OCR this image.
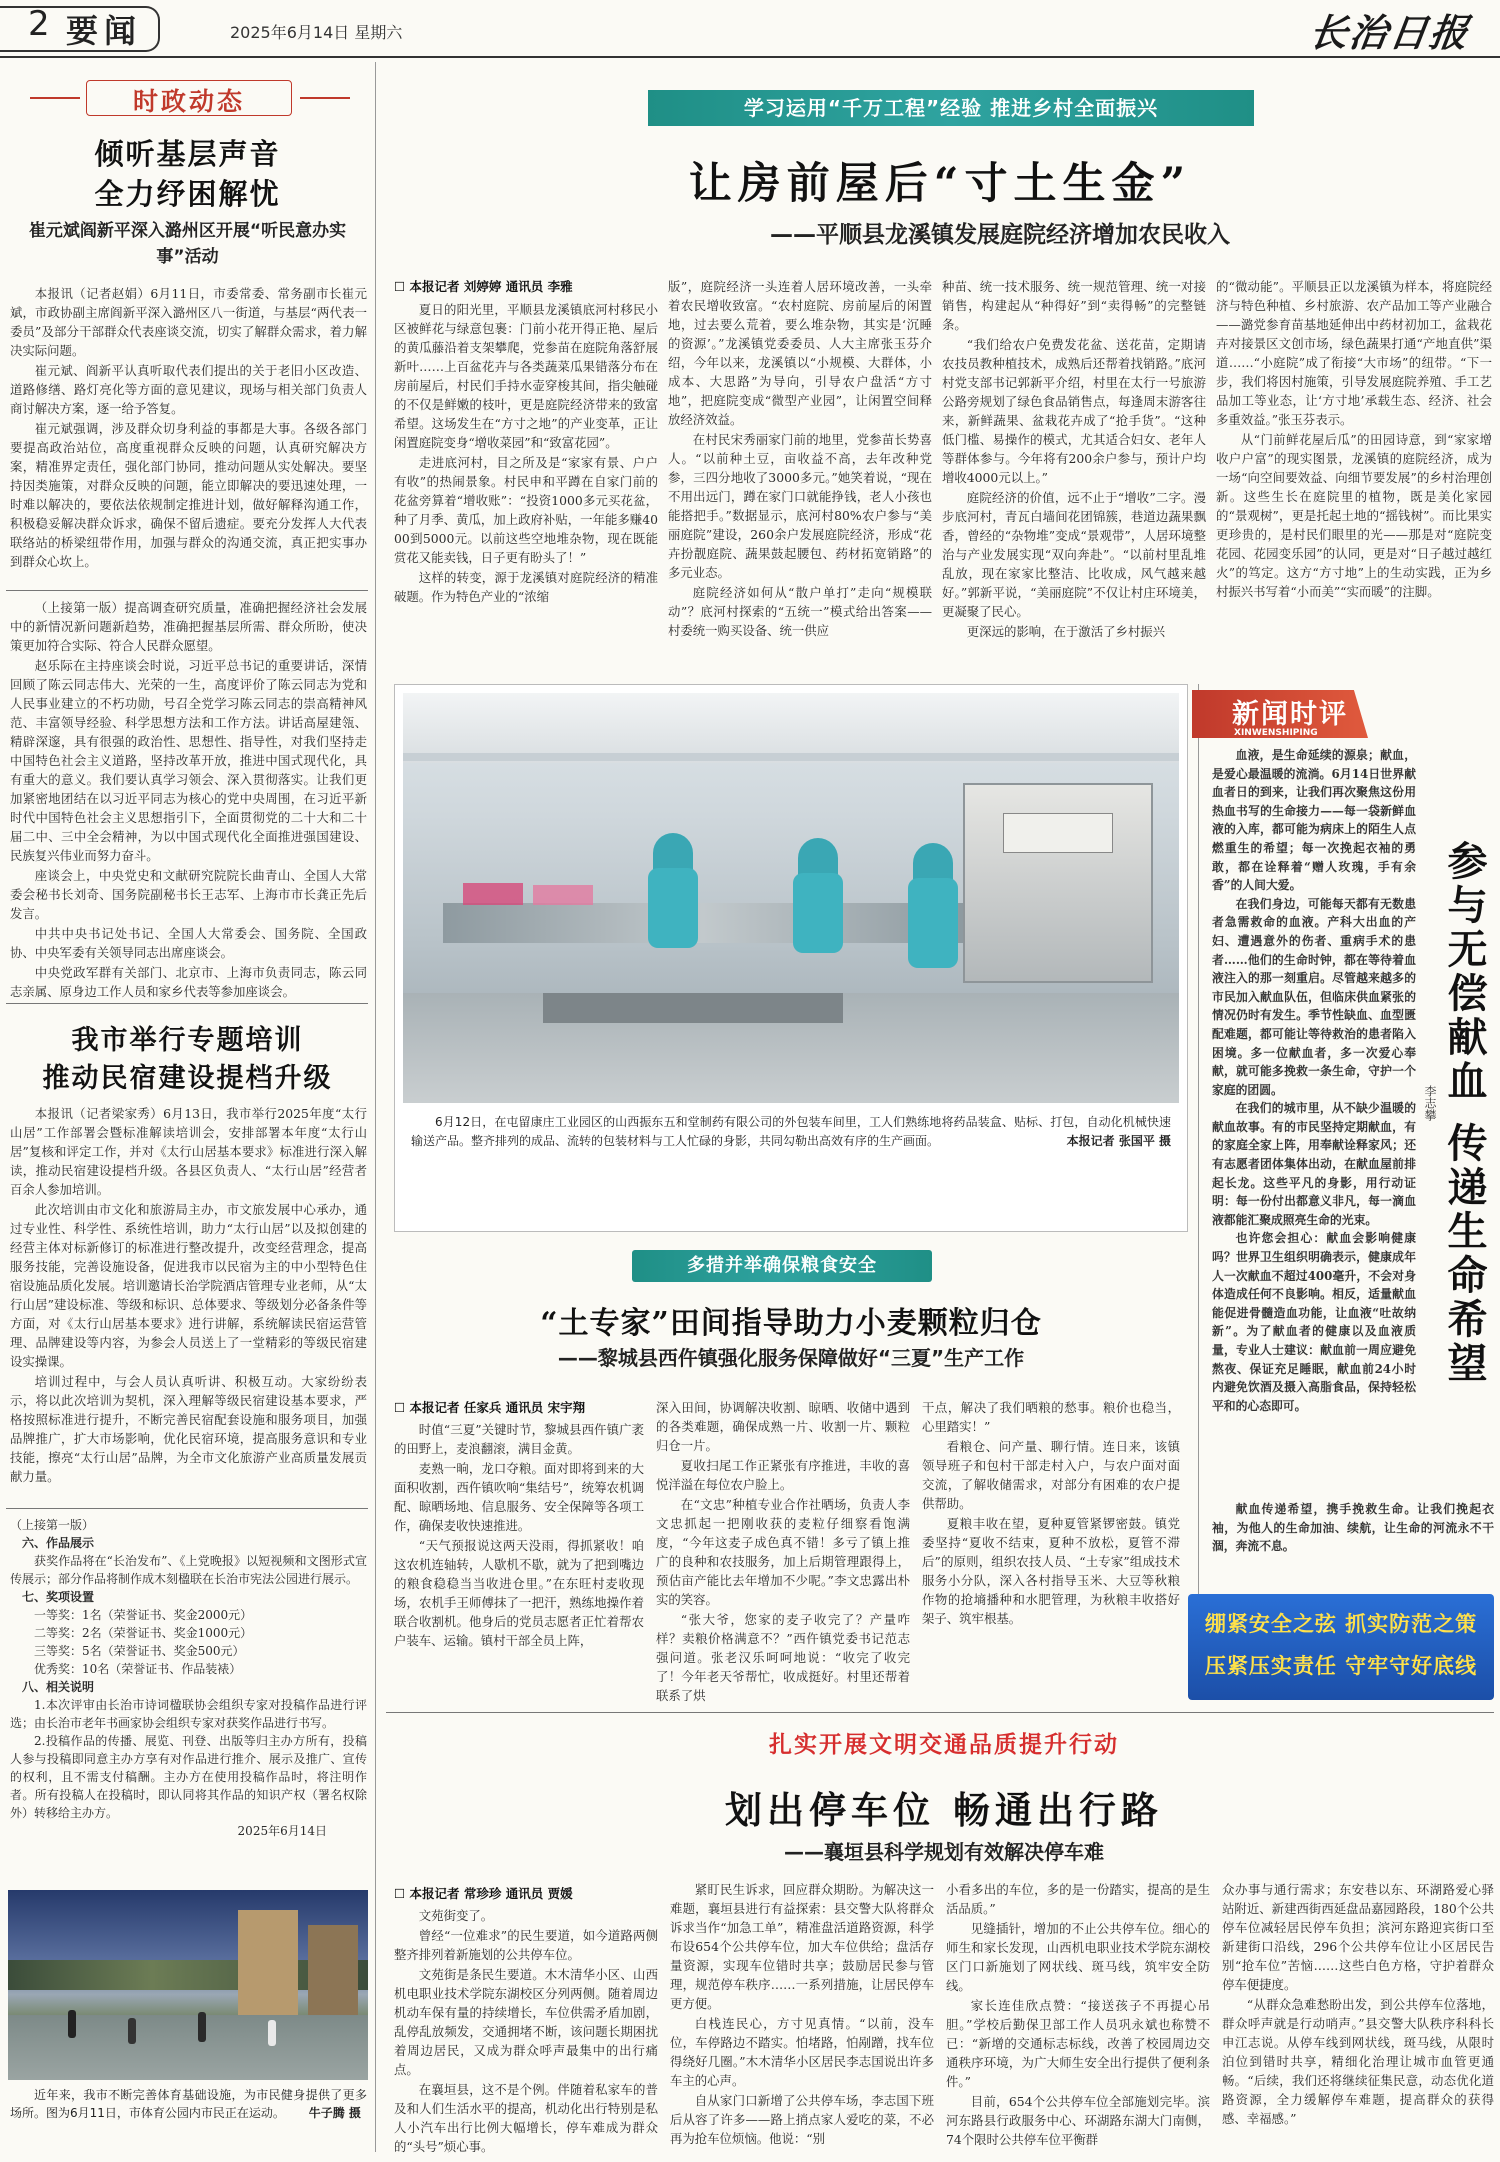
2 要闻	2025年6月14日 星期六	长治日报
时政动态
倾听基层声音
全力纾困解忧
崔元斌阎新平深入潞州区开展“听民意办实事”活动

本报讯（记者赵娟）6月11日，市委常委、常务副市长崔元斌，市政协副主席阎新平深入潞州区八一街道，与基层“两代表一委员”及部分干部群众代表座谈交流，切实了解群众需求，着力解决实际问题。

崔元斌、阎新平认真听取代表们提出的关于老旧小区改造、道路修缮、路灯亮化等方面的意见建议，现场与相关部门负责人商讨解决方案，逐一给予答复。

崔元斌强调，涉及群众切身利益的事都是大事。各级各部门要提高政治站位，高度重视群众反映的问题，认真研究解决方案，精准界定责任，强化部门协同，推动问题从实处解决。要坚持因类施策，对群众反映的问题，能立即解决的要迅速处理，一时难以解决的，要依法依规制定推进计划，做好解释沟通工作，积极稳妥解决群众诉求，确保不留后遗症。要充分发挥人大代表联络站的桥梁纽带作用，加强与群众的沟通交流，真正把实事办到群众心坎上。

（上接第一版）提高调查研究质量，准确把握经济社会发展中的新情况新问题新趋势，准确把握基层所需、群众所盼，使决策更加符合实际、符合人民群众愿望。

赵乐际在主持座谈会时说，习近平总书记的重要讲话，深情回顾了陈云同志伟大、光荣的一生，高度评价了陈云同志为党和人民事业建立的不朽功勋，号召全党学习陈云同志的崇高精神风范、丰富领导经验、科学思想方法和工作方法。讲话高屋建瓴、精辟深邃，具有很强的政治性、思想性、指导性，对我们坚持走中国特色社会主义道路，坚持改革开放，推进中国式现代化，具有重大的意义。我们要认真学习领会、深入贯彻落实。让我们更加紧密地团结在以习近平同志为核心的党中央周围，在习近平新时代中国特色社会主义思想指引下，全面贯彻党的二十大和二十届二中、三中全会精神，为以中国式现代化全面推进强国建设、民族复兴伟业而努力奋斗。

座谈会上，中央党史和文献研究院院长曲青山、全国人大常委会秘书长刘奇、国务院副秘书长王志军、上海市市长龚正先后发言。

中共中央书记处书记、全国人大常委会、国务院、全国政协、中央军委有关领导同志出席座谈会。

中央党政军群有关部门、北京市、上海市负责同志，陈云同志亲属、原身边工作人员和家乡代表等参加座谈会。

我市举行专题培训
推动民宿建设提档升级

本报讯（记者梁家秀）6月13日，我市举行2025年度“太行山居”工作部署会暨标准解读培训会，安排部署本年度“太行山居”复核和评定工作，并对《太行山居基本要求》标准进行深入解读，推动民宿建设提档升级。各县区负责人、“太行山居”经营者百余人参加培训。

此次培训由市文化和旅游局主办，市文旅发展中心承办，通过专业性、科学性、系统性培训，助力“太行山居”以及拟创建的经营主体对标新修订的标准进行整改提升，改变经营理念，提高服务技能，完善设施设备，促进我市以民宿为主的中小型特色住宿设施品质化发展。培训邀请长治学院酒店管理专业老师，从“太行山居”建设标准、等级和标识、总体要求、等级划分必备条件等方面，对《太行山居基本要求》进行讲解，系统解读民宿运营管理、品牌建设等内容，为参会人员送上了一堂精彩的等级民宿建设实操课。

培训过程中，与会人员认真听讲、积极互动。大家纷纷表示，将以此次培训为契机，深入理解等级民宿建设基本要求，严格按照标准进行提升，不断完善民宿配套设施和服务项目，加强品牌推广，扩大市场影响，优化民宿环境，提高服务意识和专业技能，擦亮“太行山居”品牌，为全市文化旅游产业高质量发展贡献力量。

（上接第一版）
六、作品展示
获奖作品将在“长治发布”、《上党晚报》以短视频和文图形式宣传展示；部分作品将制作成木刻楹联在长治市宪法公园进行展示。
七、奖项设置
一等奖：1名（荣誉证书、奖金2000元）
二等奖：2名（荣誉证书、奖金1000元）
三等奖：5名（荣誉证书、奖金500元）
优秀奖：10名（荣誉证书、作品装裱）
八、相关说明
1.本次评审由长治市诗词楹联协会组织专家对投稿作品进行评选；由长治市老年书画家协会组织专家对获奖作品进行书写。
2.投稿作品的传播、展览、刊登、出版等归主办方所有，投稿人参与投稿即同意主办方享有对作品进行推介、展示及推广、宣传的权利，且不需支付稿酬。主办方在使用投稿作品时，将注明作者。所有投稿人在投稿时，即认同将其作品的知识产权（署名权除外）转移给主办方。
2025年6月14日
近年来，我市不断完善体育基础设施，为市民健身提供了更多场所。图为6月11日，市体育公园内市民正在运动。 牛子腾 摄
学习运用“千万工程”经验 推进乡村全面振兴
让房前屋后“寸土生金”
——平顺县龙溪镇发展庭院经济增加农民收入
☐ 本报记者 刘婷婷 通讯员 李雅

夏日的阳光里，平顺县龙溪镇底河村移民小区被鲜花与绿意包裹：门前小花开得正艳、屋后的黄瓜藤沿着支架攀爬，党参苗在庭院角落舒展新叶……上百盆花卉与各类蔬菜瓜果错落分布在房前屋后，村民们手持水壶穿梭其间，指尖触碰的不仅是鲜嫩的枝叶，更是庭院经济带来的致富希望。这场发生在“方寸之地”的产业变革，正让闲置庭院变身“增收菜园”和“致富花园”。

走进底河村，目之所及是“家家有景、户户有收”的热闹景象。村民申和平蹲在自家门前的花盆旁算着“增收账”：“投资1000多元买花盆，种了月季、黄瓜，加上政府补贴，一年能多赚4000到5000元。以前这些空地堆杂物，现在既能赏花又能卖钱，日子更有盼头了！”

这样的转变，源于龙溪镇对庭院经济的精准破题。作为特色产业的“浓缩

版”，庭院经济一头连着人居环境改善，一头牵着农民增收致富。“农村庭院、房前屋后的闲置地，过去要么荒着，要么堆杂物，其实是‘沉睡的资源’。”龙溪镇党委委员、人大主席张玉芬介绍，今年以来，龙溪镇以“小规模、大群体，小成本、大思路”为导向，引导农户盘活“方寸地”，把庭院变成“微型产业园”，让闲置空间释放经济效益。

在村民宋秀丽家门前的地里，党参苗长势喜人。“以前种土豆，亩收益不高，去年改种党参，三四分地收了3000多元。”她笑着说，“现在不用出远门，蹲在家门口就能挣钱，老人小孩也能搭把手。”数据显示，底河村80%农户参与“美丽庭院”建设，260余户发展庭院经济，形成“花卉扮靓庭院、蔬果鼓起腰包、药材拓宽销路”的多元业态。

庭院经济如何从“散户单打”走向“规模联动”？底河村探索的“五统一”模式给出答案——村委统一购买设备、统一供应

种苗、统一技术服务、统一规范管理、统一对接销售，构建起从“种得好”到“卖得畅”的完整链条。

“我们给农户免费发花盆、送花苗，定期请农技员教种植技术，成熟后还帮着找销路。”底河村党支部书记郭新平介绍，村里在太行一号旅游公路旁规划了绿色食品销售点，每逢周末游客往来，新鲜蔬果、盆栽花卉成了“抢手货”。“这种低门槛、易操作的模式，尤其适合妇女、老年人等群体参与。今年将有200余户参与，预计户均增收4000元以上。”

庭院经济的价值，远不止于“增收”二字。漫步底河村，青瓦白墙间花团锦簇，巷道边蔬果飘香，曾经的“杂物堆”变成“景观带”，人居环境整治与产业发展实现“双向奔赴”。“以前村里乱堆乱放，现在家家比整洁、比收成，风气越来越好。”郭新平说，“美丽庭院”不仅让村庄环境美，更凝聚了民心。

更深远的影响，在于激活了乡村振兴

的“微动能”。平顺县正以龙溪镇为样本，将庭院经济与特色种植、乡村旅游、农产品加工等产业融合——潞党参育苗基地延伸出中药材初加工，盆栽花卉对接景区文创市场，绿色蔬果打通“产地直供”渠道……“小庭院”成了衔接“大市场”的纽带。“下一步，我们将因村施策，引导发展庭院养殖、手工艺品加工等业态，让‘方寸地’承载生态、经济、社会多重效益。”张玉芬表示。

从“门前鲜花屋后瓜”的田园诗意，到“家家增收户户富”的现实图景，龙溪镇的庭院经济，成为一场“向空间要效益、向细节要发展”的乡村治理创新。这些生长在庭院里的植物，既是美化家园的“景观树”，更是托起土地的“摇钱树”。而比果实更珍贵的，是村民们眼里的光——那是对“庭院变花园、花园变乐园”的认同，更是对“日子越过越红火”的笃定。这方“方寸地”上的生动实践，正为乡村振兴书写着“小而美”“实而暖”的注脚。

6月12日，在屯留康庄工业园区的山西振东五和堂制药有限公司的外包装车间里，工人们熟练地将药品装盒、贴标、打包，自动化机械快速输送产品。整齐排列的成品、流转的包装材料与工人忙碌的身影，共同勾勒出高效有序的生产画面。	本报记者 张国平 摄
新闻时评
XINWENSHIPING
参与无偿献血 传递生命希望
李志攀

血液，是生命延续的源泉；献血，是爱心最温暖的流淌。6月14日世界献血者日的到来，让我们再次聚焦这份用热血书写的生命接力——每一袋新鲜血液的入库，都可能为病床上的陌生人点燃重生的希望；每一次挽起衣袖的勇敢，都在诠释着“赠人玫瑰，手有余香”的人间大爱。

在我们身边，可能每天都有无数患者急需救命的血液。产科大出血的产妇、遭遇意外的伤者、重病手术的患者……他们的生命时钟，都在等待着血液注入的那一刻重启。尽管越来越多的市民加入献血队伍，但临床供血紧张的情况仍时有发生。季节性缺血、血型匮配难题，都可能让等待救治的患者陷入困境。多一位献血者，多一次爱心奉献，就可能多挽救一条生命，守护一个家庭的团圆。

在我们的城市里，从不缺少温暖的献血故事。有的市民坚持定期献血，有的家庭全家上阵，用奉献诠释家风；还有志愿者团体集体出动，在献血屋前排起长龙。这些平凡的身影，用行动证明：每一份付出都意义非凡，每一滴血液都能汇聚成照亮生命的光束。

也许您会担心：献血会影响健康吗？世界卫生组织明确表示，健康成年人一次献血不超过400毫升，不会对身体造成任何不良影响。相反，适量献血能促进骨髓造血功能，让血液“吐故纳新”。为了献血者的健康以及血液质量，专业人士建议：献血前一周应避免熬夜、保证充足睡眠，献血前24小时内避免饮酒及摄入高脂食品，保持轻松平和的心态即可。

献血传递希望，携手挽救生命。让我们挽起衣袖，为他人的生命加油、续航，让生命的河流永不干涸，奔流不息。

绷紧安全之弦 抓实防范之策
压紧压实责任 守牢守好底线
多措并举确保粮食安全
“土专家”田间指导助力小麦颗粒归仓
——黎城县西仵镇强化服务保障做好“三夏”生产工作
☐ 本报记者 任家兵 通讯员 宋宇翔

时值“三夏”关键时节，黎城县西仵镇广袤的田野上，麦浪翻滚，满目金黄。

麦熟一晌，龙口夺粮。面对即将到来的大面积收割，西仵镇吹响“集结号”，统筹农机调配、晾晒场地、信息服务、安全保障等各项工作，确保麦收快速推进。

“天气预报说这两天没雨，得抓紧收！咱这农机连轴转，人歇机不歇，就为了把到嘴边的粮食稳稳当当收进仓里。”在东旺村麦收现场，农机手王师傅抹了一把汗，熟练地操作着联合收割机。他身后的党员志愿者正忙着帮农户装车、运输。镇村干部全员上阵，

深入田间，协调解决收割、晾晒、收储中遇到的各类难题，确保成熟一片、收割一片、颗粒归仓一片。

夏收扫尾工作正紧张有序推进，丰收的喜悦洋溢在每位农户脸上。

在“文忠”种植专业合作社晒场，负责人李文忠抓起一把刚收获的麦粒仔细察看饱满度，“今年这麦子成色真不错！多亏了镇上推广的良种和农技服务，加上后期管理跟得上，预估亩产能比去年增加不少呢。”李文忠露出朴实的笑容。

“张大爷，您家的麦子收完了？产量咋样？卖粮价格满意不？”西仵镇党委书记范志强问道。张老汉乐呵呵地说：“收完了收完了！今年老天爷帮忙，收成挺好。村里还帮着联系了烘

干点，解决了我们晒粮的愁事。粮价也稳当，心里踏实！”

看粮仓、问产量、聊行情。连日来，该镇领导班子和包村干部走村入户，与农户面对面交流，了解收储需求，对部分有困难的农户提供帮助。

夏粮丰收在望，夏种夏管紧锣密鼓。镇党委坚持“夏收不结束，夏种不放松，夏管不滞后”的原则，组织农技人员、“土专家”组成技术服务小分队，深入各村指导玉米、大豆等秋粮作物的抢墒播种和水肥管理，为秋粮丰收搭好架子、筑牢根基。

扎实开展文明交通品质提升行动
划出停车位 畅通出行路
——襄垣县科学规划有效解决停车难
☐ 本报记者 常珍珍 通讯员 贾媛

文苑街变了。

曾经“一位难求”的民生要道，如今道路两侧整齐排列着新施划的公共停车位。

文苑街是条民生要道。木木清华小区、山西机电职业技术学院东湖校区分列两侧。随着周边机动车保有量的持续增长，车位供需矛盾加剧，乱停乱放频发，交通拥堵不断，该问题长期困扰着周边居民，又成为群众呼声最集中的出行痛点。

在襄垣县，这不是个例。伴随着私家车的普及和人们生活水平的提高，机动化出行特别是私人小汽车出行比例大幅增长，停车难成为群众的“头号”烦心事。

紧盯民生诉求，回应群众期盼。为解决这一难题，襄垣县进行有益探索：县交警大队将群众诉求当作“加急工单”，精准盘活道路资源，科学布设654个公共停车位，加大车位供给；盘活存量资源，实现车位错时共享；鼓励居民参与管理，规范停车秩序……一系列措施，让居民停车更方便。

白栈连民心，方寸见真情。“以前，没车位，车停路边不踏实。怕堵路，怕剐蹭，找车位得绕好几圈。”木木清华小区居民李志国说出许多车主的心声。

自从家门口新增了公共停车场，李志国下班后从容了许多——路上捎点家人爱吃的菜，不必再为抢车位烦恼。他说：“别

小看多出的车位，多的是一份踏实，提高的是生活品质。”

见缝插针，增加的不止公共停车位。细心的师生和家长发现，山西机电职业技术学院东湖校区门口新施划了网状线、斑马线，筑牢安全防线。

家长连佳欣点赞：“接送孩子不再提心吊胆。”学校后勤保卫部工作人员巩永斌也称赞不已：“新增的交通标志标线，改善了校园周边交通秩序环境，为广大师生安全出行提供了便利条件。”

目前，654个公共停车位全部施划完毕。滨河东路县行政服务中心、环湖路东湖大门南侧，74个限时公共停车位平衡群

众办事与通行需求；东安巷以东、环湖路爱心驿站附近、新建西街西延盘品嘉园路段，180个公共停车位减轻居民停车负担；滨河东路迎宾街口至新建街口沿线，296个公共停车位让小区居民告别“抢车位”苦恼……这些白色方格，守护着群众停车便捷度。

“从群众急难愁盼出发，到公共停车位落地，群众呼声就是行动哨声。”县交警大队秩序科科长申江志说。从停车线到网状线，斑马线，从限时泊位到错时共享，精细化治理让城市血管更通畅。“后续，我们还将继续征集民意，动态优化道路资源，全力缓解停车难题，提高群众的获得感、幸福感。”
